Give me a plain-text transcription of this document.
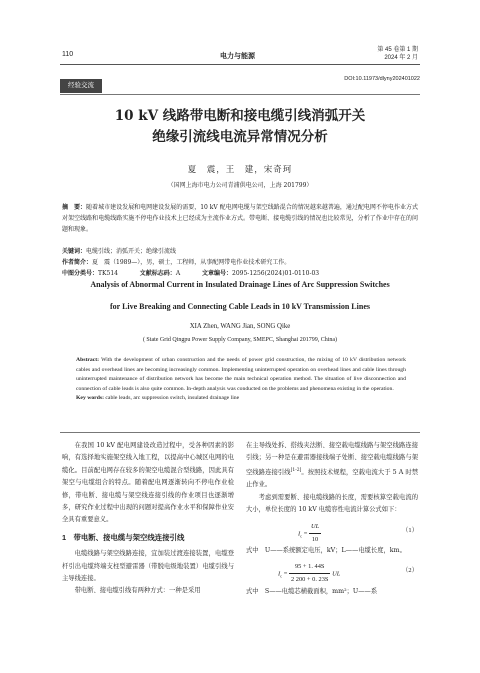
110	电力与能源
第 45 卷第 1 期
2024 年 2 月
经验交流
DOI:10.11973/dlyny202401022
10 kV 线路带电断和接电缆引线消弧开关
绝缘引流线电流异常情况分析
夏　震，王　建，宋奇珂
（国网上海市电力公司青浦供电公司，上海 201799）
摘　要：随着城市建设发展和电网建设发展的需要，10 kV 配电网电缆与架空线路混合的情况越来越普遍，通过配电网不停电作业方式对架空线路和电缆线路实施不停电作业技术上已经成为主流作业方式。带电断、接电缆引线的情况也比较常见，分析了作业中存在的问题和现象。
关键词：电缆引线；消弧开关；绝缘引流线
作者简介：夏　震（1989—），男，硕士，工程师，从事配网带电作业技术研究工作。
中图分类号：TK514	文献标志码：A	文章编号：2095-1256(2024)01-0110-03
Analysis of Abnormal Current in Insulated Drainage Lines of Arc Suppression Switches
for Live Breaking and Connecting Cable Leads in 10 kV Transmission Lines
XIA Zhen, WANG Jian, SONG Qike
( State Grid Qingpu Power Supply Company, SMEPC, Shanghai 201799, China)
Abstract: With the development of urban construction and the needs of power grid construction, the mixing of 10 kV distribution network cables and overhead lines are becoming increasingly common. Implementing uninterrupted operation on overhead lines and cable lines through uninterrupted maintenance of distribution network has become the main technical operation method. The situation of live disconnection and connection of cable leads is also quite common. In-depth analysis was conducted on the problems and phenomena existing in the operation.
Key words: cable leads, arc suppression switch, insulated drainage line

在我国 10 kV 配电网建设改造过程中，受各种因素的影响，有选择地实施架空线入地工程，以提高中心城区电网的电缆化。目前配电网存在较多的架空电缆混合型线路，因此具有架空与电缆组合的特点。随着配电网逐渐转向不停电作业检修，带电断、接电缆与架空线连接引线的作业项目也逐渐增多，研究作业过程中出现的问题对提高作业水平和保障作业安全具有重要意义。

1　带电断、接电缆与架空线连接引线

电缆线路与架空线路连接，宜加装过渡连接装置，电缆登杆引出电缆终端支柱型避雷器（带脱电级地装置）电缆引线与主导线连接。

带电断、接电缆引线有两种方式：一种是采用

在主导线处拆、搭线夹法断、接空载电缆线路与架空线路连接引线；另一种是在避雷器接线端子处断、接空载电缆线路与架空线路连接引线[1-2]。按照技术规程，空载电流大于 5 A 时禁止作业。

考虑到需要断、接电缆线路的长度，需要核算空载电流的大小，单位长度的 10 kV 电缆容性电流计算公式如下：

$I_c = \frac{UL}{10}$	（1）
式中　U——系统额定电压，kV；L——电缆长度，km。
$I_c = \frac{95 + 1. 44S}{2 200 + 0. 23S}$ UL	（2）
式中　S——电缆芯横截面积，mm²；U——系
